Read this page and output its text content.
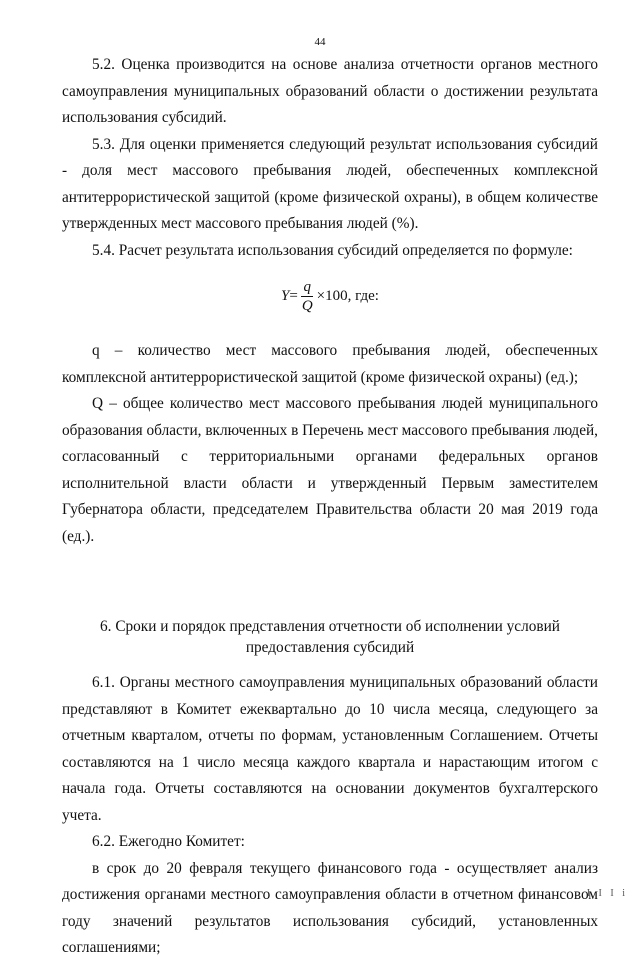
44

5.2. Оценка производится на основе анализа отчетности органов местного самоуправления муниципальных образований области о достижении результата использования субсидий.

5.3. Для оценки применяется следующий результат использования субсидий - доля мест массового пребывания людей, обеспеченных комплексной антитеррористической защитой (кроме физической охраны), в общем количестве утвержденных мест массового пребывания людей (%).

5.4. Расчет результата использования субсидий определяется по формуле:

$Y = \frac{q}{Q} \times 100$, где:

q – количество мест массового пребывания людей, обеспеченных комплексной антитеррористической защитой (кроме физической охраны) (ед.);

Q – общее количество мест массового пребывания людей муниципального образования области, включенных в Перечень мест массового пребывания людей, согласованный с территориальными органами федеральных органов исполнительной власти области и утвержденный Первым заместителем Губернатора области, председателем Правительства области 20 мая 2019 года (ед.).

6. Сроки и порядок представления отчетности об исполнении условий
предоставления субсидий

6.1. Органы местного самоуправления муниципальных образований области представляют в Комитет ежеквартально до 10 числа месяца, следующего за отчетным кварталом, отчеты по формам, установленным Соглашением. Отчеты составляются на 1 число месяца каждого квартала и нарастающим итогом с начала года. Отчеты составляются на основании документов бухгалтерского учета.

6.2. Ежегодно Комитет:

в срок до 20 февраля текущего финансового года - осуществляет анализ достижения органами местного самоуправления области в отчетном финансовом году значений результатов использования субсидий, установленных соглашениями;

I I I i
